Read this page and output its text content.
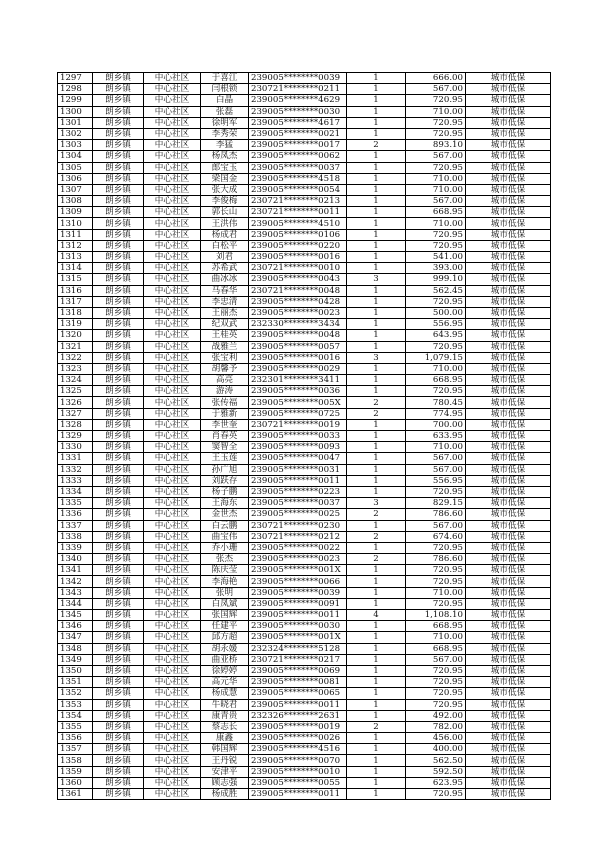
1297	朗乡镇	中心社区	于喜江	239005********0039	1	666.00	城市低保
1298	朗乡镇	中心社区	闫根锁	230721********0211	1	567.00	城市低保
1299	朗乡镇	中心社区	白晶	239005********4629	1	720.95	城市低保
1300	朗乡镇	中心社区	张磊	239005********0030	1	710.00	城市低保
1301	朗乡镇	中心社区	徐明军	239005********4617	1	720.95	城市低保
1302	朗乡镇	中心社区	李秀荣	239005********0021	1	720.95	城市低保
1303	朗乡镇	中心社区	李猛	239005********0017	2	893.10	城市低保
1304	朗乡镇	中心社区	杨凤杰	239005********0062	1	567.00	城市低保
1305	朗乡镇	中心社区	郎宝玉	239005********0037	1	720.95	城市低保
1306	朗乡镇	中心社区	梁国金	239005********4518	1	710.00	城市低保
1307	朗乡镇	中心社区	张大成	239005********0054	1	710.00	城市低保
1308	朗乡镇	中心社区	李俊梅	230721********0213	1	567.00	城市低保
1309	朗乡镇	中心社区	郭长山	230721********0011	1	668.95	城市低保
1310	朗乡镇	中心社区	王洪伟	239005********4510	1	710.00	城市低保
1311	朗乡镇	中心社区	杨成君	239005********0106	1	720.95	城市低保
1312	朗乡镇	中心社区	白松平	239005********0220	1	720.95	城市低保
1313	朗乡镇	中心社区	刘君	239005********0016	1	541.00	城市低保
1314	朗乡镇	中心社区	苏希武	230721********0010	1	393.00	城市低保
1315	朗乡镇	中心社区	曲冰冰	239005********0043	3	999.10	城市低保
1316	朗乡镇	中心社区	马春华	230721********0048	1	562.45	城市低保
1317	朗乡镇	中心社区	李忠清	239005********0428	1	720.95	城市低保
1318	朗乡镇	中心社区	王丽杰	239005********0023	1	500.00	城市低保
1319	朗乡镇	中心社区	纪双武	232330********3434	1	556.95	城市低保
1320	朗乡镇	中心社区	王桂英	239005********0048	1	643.95	城市低保
1321	朗乡镇	中心社区	战雅兰	239005********0057	1	720.95	城市低保
1322	朗乡镇	中心社区	张宝利	239005********0016	3	1,079.15	城市低保
1323	朗乡镇	中心社区	胡馨予	239005********0029	1	710.00	城市低保
1324	朗乡镇	中心社区	高亮	232301********3411	1	668.95	城市低保
1325	朗乡镇	中心社区	游涛	239005********0036	1	720.95	城市低保
1326	朗乡镇	中心社区	张传福	239005********005X	2	780.45	城市低保
1327	朗乡镇	中心社区	于雅新	239005********0725	2	774.95	城市低保
1328	朗乡镇	中心社区	李世奎	230721********0019	1	700.00	城市低保
1329	朗乡镇	中心社区	肖春英	239005********0033	1	633.95	城市低保
1330	朗乡镇	中心社区	窦智全	239005********0093	1	710.00	城市低保
1331	朗乡镇	中心社区	王玉莲	239005********0047	1	567.00	城市低保
1332	朗乡镇	中心社区	孙广旭	239005********0031	1	567.00	城市低保
1333	朗乡镇	中心社区	刘跃存	239005********0011	1	556.95	城市低保
1334	朗乡镇	中心社区	杨子鹏	239005********0223	1	720.95	城市低保
1335	朗乡镇	中心社区	王海东	239005********0037	3	829.15	城市低保
1336	朗乡镇	中心社区	金世杰	239005********0025	2	786.60	城市低保
1337	朗乡镇	中心社区	白云鹏	230721********0230	1	567.00	城市低保
1338	朗乡镇	中心社区	曲宝伟	230721********0212	2	674.60	城市低保
1339	朗乡镇	中心社区	乔小珊	239005********0022	1	720.95	城市低保
1340	朗乡镇	中心社区	张杰	239005********0023	2	786.60	城市低保
1341	朗乡镇	中心社区	陈庆莹	239005********001X	1	720.95	城市低保
1342	朗乡镇	中心社区	李海艳	239005********0066	1	720.95	城市低保
1343	朗乡镇	中心社区	张明	239005********0039	1	710.00	城市低保
1344	朗乡镇	中心社区	白凤斌	239005********0091	1	720.95	城市低保
1345	朗乡镇	中心社区	张国辉	239005********0011	4	1,108.10	城市低保
1346	朗乡镇	中心社区	任建平	239005********0030	1	668.95	城市低保
1347	朗乡镇	中心社区	邱方超	239005********001X	1	710.00	城市低保
1348	朗乡镇	中心社区	胡永媛	232324********5128	1	668.95	城市低保
1349	朗乡镇	中心社区	曲亚桥	230721********0217	1	567.00	城市低保
1350	朗乡镇	中心社区	徐婷婷	239005********0069	1	720.95	城市低保
1351	朗乡镇	中心社区	高元华	239005********0081	1	720.95	城市低保
1352	朗乡镇	中心社区	杨成慧	239005********0065	1	720.95	城市低保
1353	朗乡镇	中心社区	牛晓君	239005********0011	1	720.95	城市低保
1354	朗乡镇	中心社区	康青贵	232326********2631	1	492.00	城市低保
1355	朗乡镇	中心社区	蔡志长	239005********0019	2	782.00	城市低保
1356	朗乡镇	中心社区	康鑫	239005********0026	1	456.00	城市低保
1357	朗乡镇	中心社区	韩国辉	239005********4516	1	400.00	城市低保
1358	朗乡镇	中心社区	王丹锐	239005********0070	1	562.50	城市低保
1359	朗乡镇	中心社区	安津平	239005********0010	1	592.50	城市低保
1360	朗乡镇	中心社区	顾志强	239005********0055	1	623.95	城市低保
1361	朗乡镇	中心社区	杨成胜	239005********0011	1	720.95	城市低保
